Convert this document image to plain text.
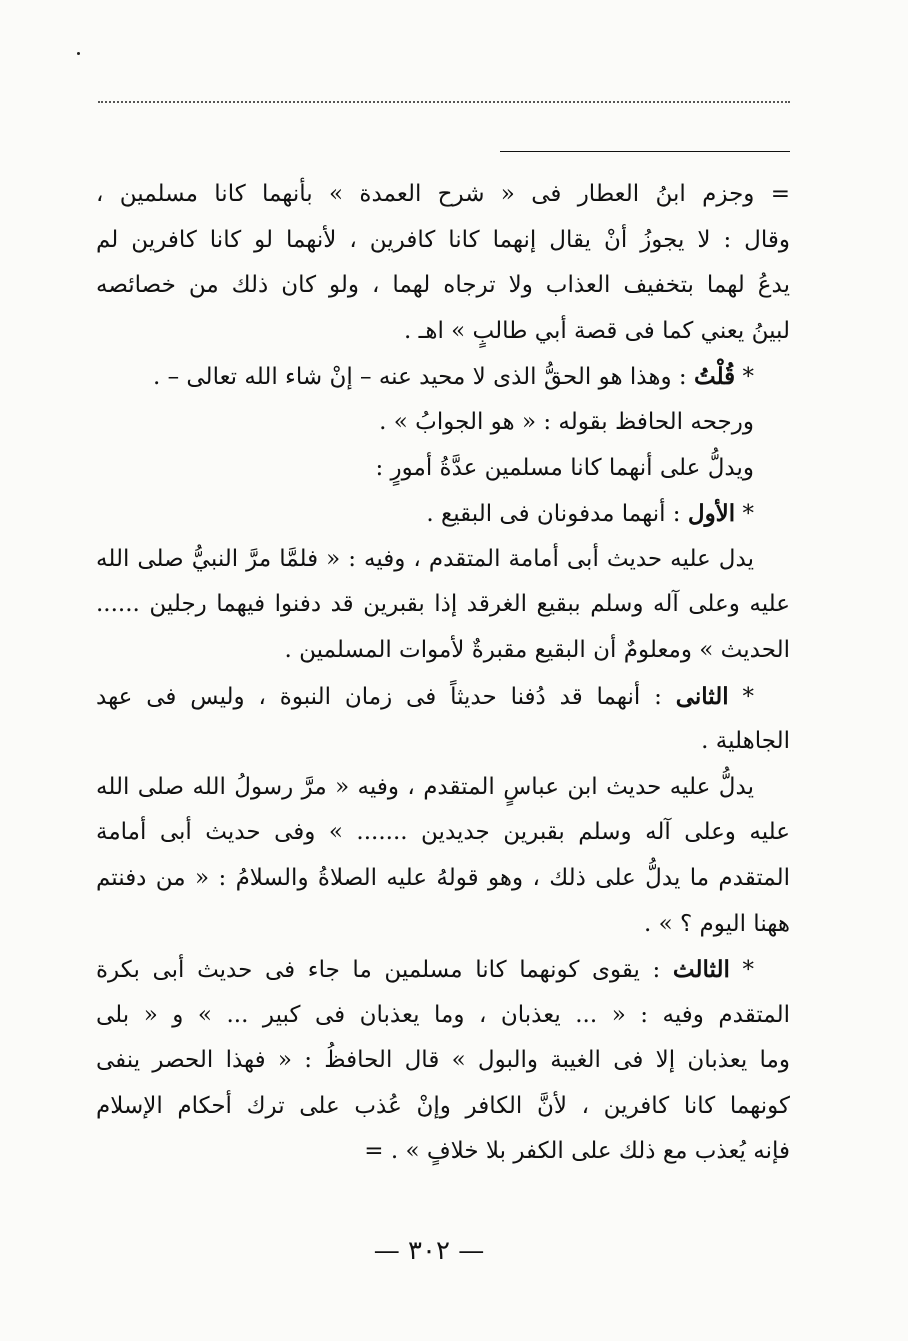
= وجزم ابنُ العطار فى « شرح العمدة » بأنهما كانا مسلمين ،
وقال : لا يجوزُ أنْ يقال إنهما كانا كافرين ، لأنهما لو كانا كافرين لم
يدعُ لهما بتخفيف العذاب ولا ترجاه لهما ، ولو كان ذلك من خصائصه
لبينُ يعني كما فى قصة أبي طالبٍ » اهـ .
* قُلْتُ : وهذا هو الحقُّ الذى لا محيد عنه – إنْ شاء الله تعالى – .
ورجحه الحافظ بقوله : « هو الجوابُ » .
ويدلُّ على أنهما كانا مسلمين عدَّةُ أمورٍ :
* الأول : أنهما مدفونان فى البقيع .
يدل عليه حديث أبى أمامة المتقدم ، وفيه : « فلمَّا مرَّ النبيُّ صلى الله
عليه وعلى آله وسلم ببقيع الغرقد إذا بقبرين قد دفنوا فيهما رجلين ......
الحديث » ومعلومٌ أن البقيع مقبرةٌ لأموات المسلمين .
* الثانى : أنهما قد دُفنا حديثاً فى زمان النبوة ، وليس فى عهد
الجاهلية .
يدلُّ عليه حديث ابن عباسٍ المتقدم ، وفيه « مرَّ رسولُ الله صلى الله
عليه وعلى آله وسلم بقبرين جديدين ....... » وفى حديث أبى أمامة
المتقدم ما يدلُّ على ذلك ، وهو قولهُ عليه الصلاةُ والسلامُ : « من دفنتم
ههنا اليوم ؟ » .
* الثالث : يقوى كونهما كانا مسلمين ما جاء فى حديث أبى بكرة
المتقدم وفيه : « ... يعذبان ، وما يعذبان فى كبير ... » و « بلى
وما يعذبان إلا فى الغيبة والبول » قال الحافظُ : « فهذا الحصر ينفى
كونهما كانا كافرين ، لأنَّ الكافر وإنْ عُذب على ترك أحكام الإسلام
فإنه يُعذب مع ذلك على الكفر بلا خلافٍ » . =
— ٣٠٢ —
